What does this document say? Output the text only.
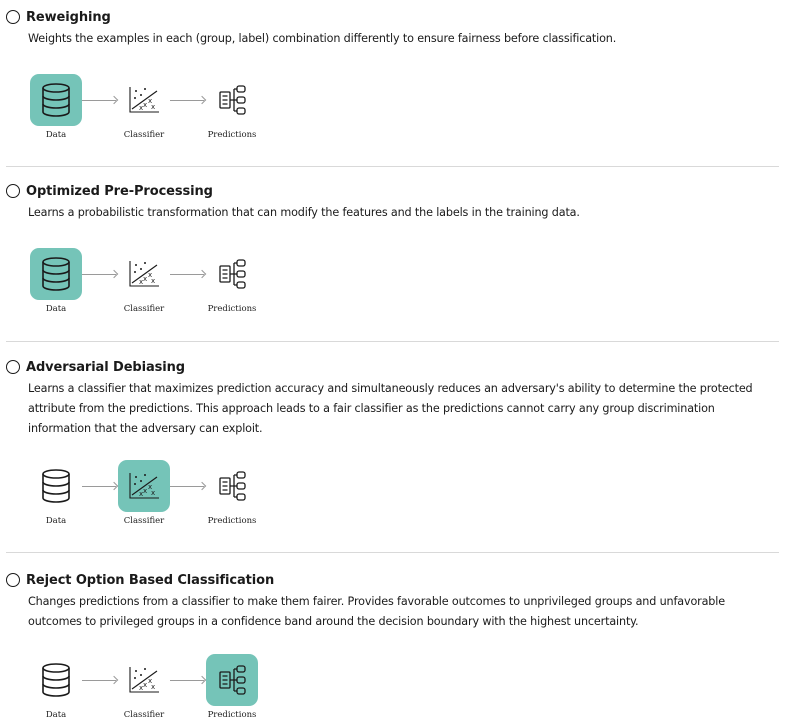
Reweighing

Weights the examples in each (group, label) combination differently to ensure fairness before classification.

Data
x x
x
x
Classifier	Predictions
Optimized Pre-Processing

Learns a probabilistic transformation that can modify the features and the labels in the training data.

Data
x x
x
x
Classifier	Predictions
Adversarial Debiasing

Learns a classifier that maximizes prediction accuracy and simultaneously reduces an adversary's ability to determine the protected attribute from the predictions. This approach leads to a fair classifier as the predictions cannot carry any group discrimination information that the adversary can exploit.

Data
x x
x
x
Classifier	Predictions
Reject Option Based Classification

Changes predictions from a classifier to make them fairer. Provides favorable outcomes to unprivileged groups and unfavorable outcomes to privileged groups in a confidence band around the decision boundary with the highest uncertainty.

Data
x x
x
x
Classifier	Predictions
